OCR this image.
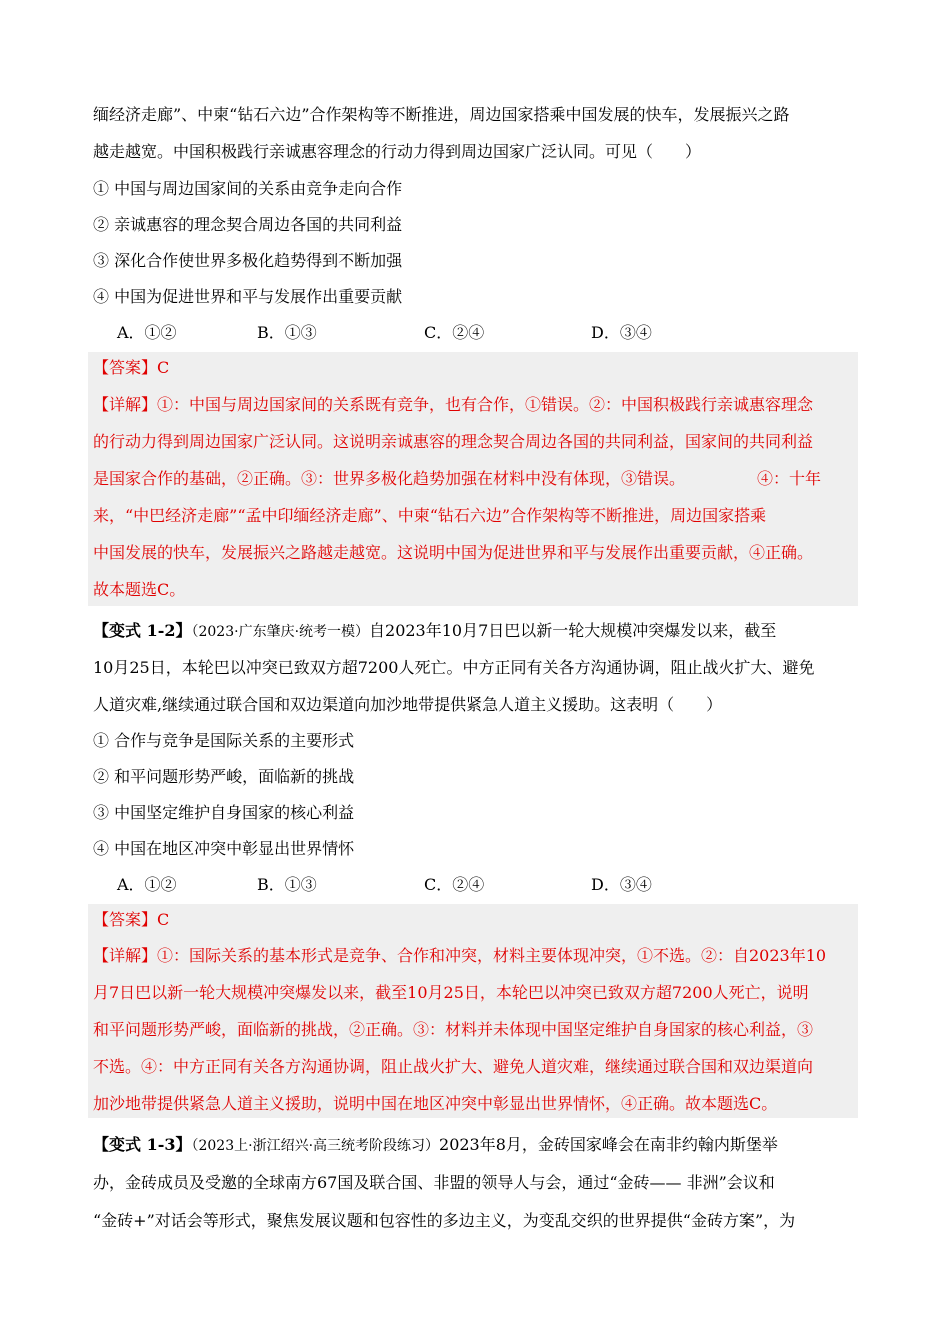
缅经济走廊”、中柬“钻石六边”合作架构等不断推进，周边国家搭乘中国发展的快车，发展振兴之路
越走越宽。中国积极践行亲诚惠容理念的行动力得到周边国家广泛认同。可见（　　）
① 中国与周边国家间的关系由竞争走向合作
② 亲诚惠容的理念契合周边各国的共同利益
③ 深化合作使世界多极化趋势得到不断加强
④ 中国为促进世界和平与发展作出重要贡献
A．①②	B．①③	C．②④	D．③④
【答案】C
【详解】①：中国与周边国家间的关系既有竞争，也有合作，①错误。②：中国积极践行亲诚惠容理念
的行动力得到周边国家广泛认同。这说明亲诚惠容的理念契合周边各国的共同利益，国家间的共同利益
是国家合作的基础，②正确。③：世界多极化趋势加强在材料中没有体现，③错误。　　　　　④：十年
来，“中巴经济走廊”“孟中印缅经济走廊”、中柬“钻石六边”合作架构等不断推进，周边国家搭乘
中国发展的快车，发展振兴之路越走越宽。这说明中国为促进世界和平与发展作出重要贡献，④正确。
故本题选C。
【变式 1-2】（2023·广东肇庆·统考一模）自2023年10月7日巴以新一轮大规模冲突爆发以来，截至
10月25日，本轮巴以冲突已致双方超7200人死亡。中方正同有关各方沟通协调，阻止战火扩大、避免
人道灾难,继续通过联合国和双边渠道向加沙地带提供紧急人道主义援助。这表明（　　）
① 合作与竞争是国际关系的主要形式
② 和平问题形势严峻，面临新的挑战
③ 中国坚定维护自身国家的核心利益
④ 中国在地区冲突中彰显出世界情怀
A．①②	B．①③	C．②④	D．③④
【答案】C
【详解】①：国际关系的基本形式是竞争、合作和冲突，材料主要体现冲突，①不选。②：自2023年10
月7日巴以新一轮大规模冲突爆发以来，截至10月25日，本轮巴以冲突已致双方超7200人死亡，说明
和平问题形势严峻，面临新的挑战，②正确。③：材料并未体现中国坚定维护自身国家的核心利益，③
不选。④：中方正同有关各方沟通协调，阻止战火扩大、避免人道灾难，继续通过联合国和双边渠道向
加沙地带提供紧急人道主义援助，说明中国在地区冲突中彰显出世界情怀，④正确。故本题选C。
【变式 1-3】（2023上·浙江绍兴·高三统考阶段练习）2023年8月，金砖国家峰会在南非约翰内斯堡举
办，金砖成员及受邀的全球南方67国及联合国、非盟的领导人与会，通过“金砖—— 非洲”会议和
“金砖+”对话会等形式，聚焦发展议题和包容性的多边主义，为变乱交织的世界提供“金砖方案”，为
